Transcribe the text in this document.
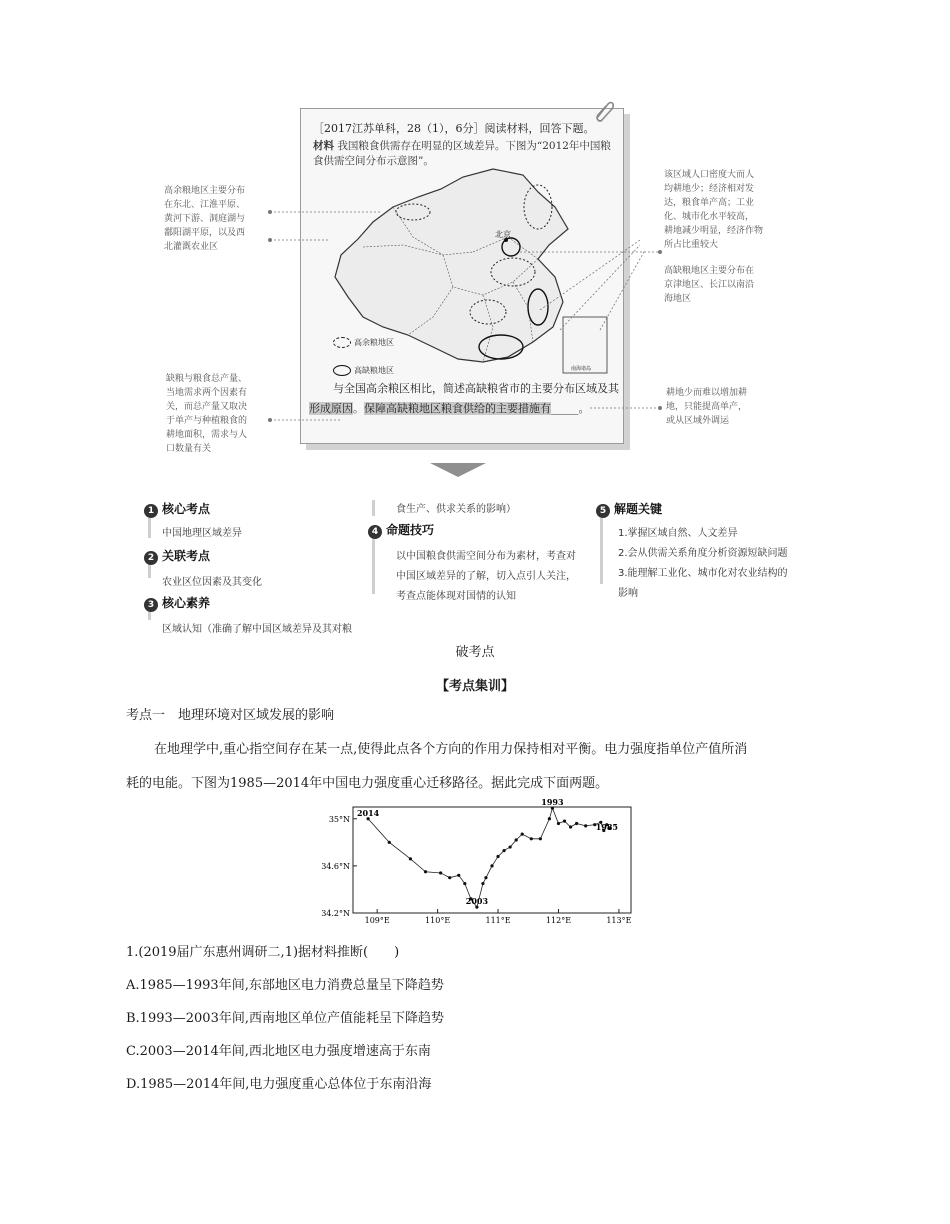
［2017江苏单科，28（1），6分］阅读材料，回答下题。
材料 我国粮食供需存在明显的区域差异。下图为“2012年中国粮食供需空间分布示意图”。
北京
南海诸岛
高余粮地区
高缺粮地区
与全国高余粮区相比，简述高缺粮省市的主要分布区域及其
形成原因。保障高缺粮地区粮食供给的主要措施有_____。
高余粮地区主要分布
在东北、江淮平原、
黄河下游、洞庭湖与
鄱阳湖平原，以及西
北灌溉农业区
缺粮与粮食总产量、
当地需求两个因素有
关，而总产量又取决
于单产与种植粮食的
耕地面积，需求与人
口数量有关
该区域人口密度大而人
均耕地少；经济相对发
达，粮食单产高；工业
化、城市化水平较高，
耕地减少明显，经济作物
所占比重较大
高缺粮地区主要分布在
京津地区、长江以南沿
海地区
耕地少而难以增加耕
地，只能提高单产，
或从区域外调运
1 核心考点
中国地理区域差异
2 关联考点
农业区位因素及其变化
3 核心素养
区域认知（准确了解中国区域差异及其对粮
食生产、供求关系的影响）
4 命题技巧
以中国粮食供需空间分布为素材，考查对
中国区域差异的了解，切入点引人关注，
考查点能体现对国情的认知
5 解题关键
1.掌握区域自然、人文差异
2.会从供需关系角度分析资源短缺问题
3.能理解工业化、城市化对农业结构的
影响
破考点
【考点集训】
考点一　地理环境对区域发展的影响
在地理学中,重心指空间存在某一点,使得此点各个方向的作用力保持相对平衡。电力强度指单位产值所消
耗的电能。下图为1985—2014年中国电力强度重心迁移路径。据此完成下面两题。
109°E	110°E	111°E	112°E	113°E
35°N
34.6°N
34.2°N
2014
1993
2003
1985
1.(2019届广东惠州调研二,1)据材料推断(　　)
A.1985—1993年间,东部地区电力消费总量呈下降趋势
B.1993—2003年间,西南地区单位产值能耗呈下降趋势
C.2003—2014年间,西北地区电力强度增速高于东南
D.1985—2014年间,电力强度重心总体位于东南沿海
